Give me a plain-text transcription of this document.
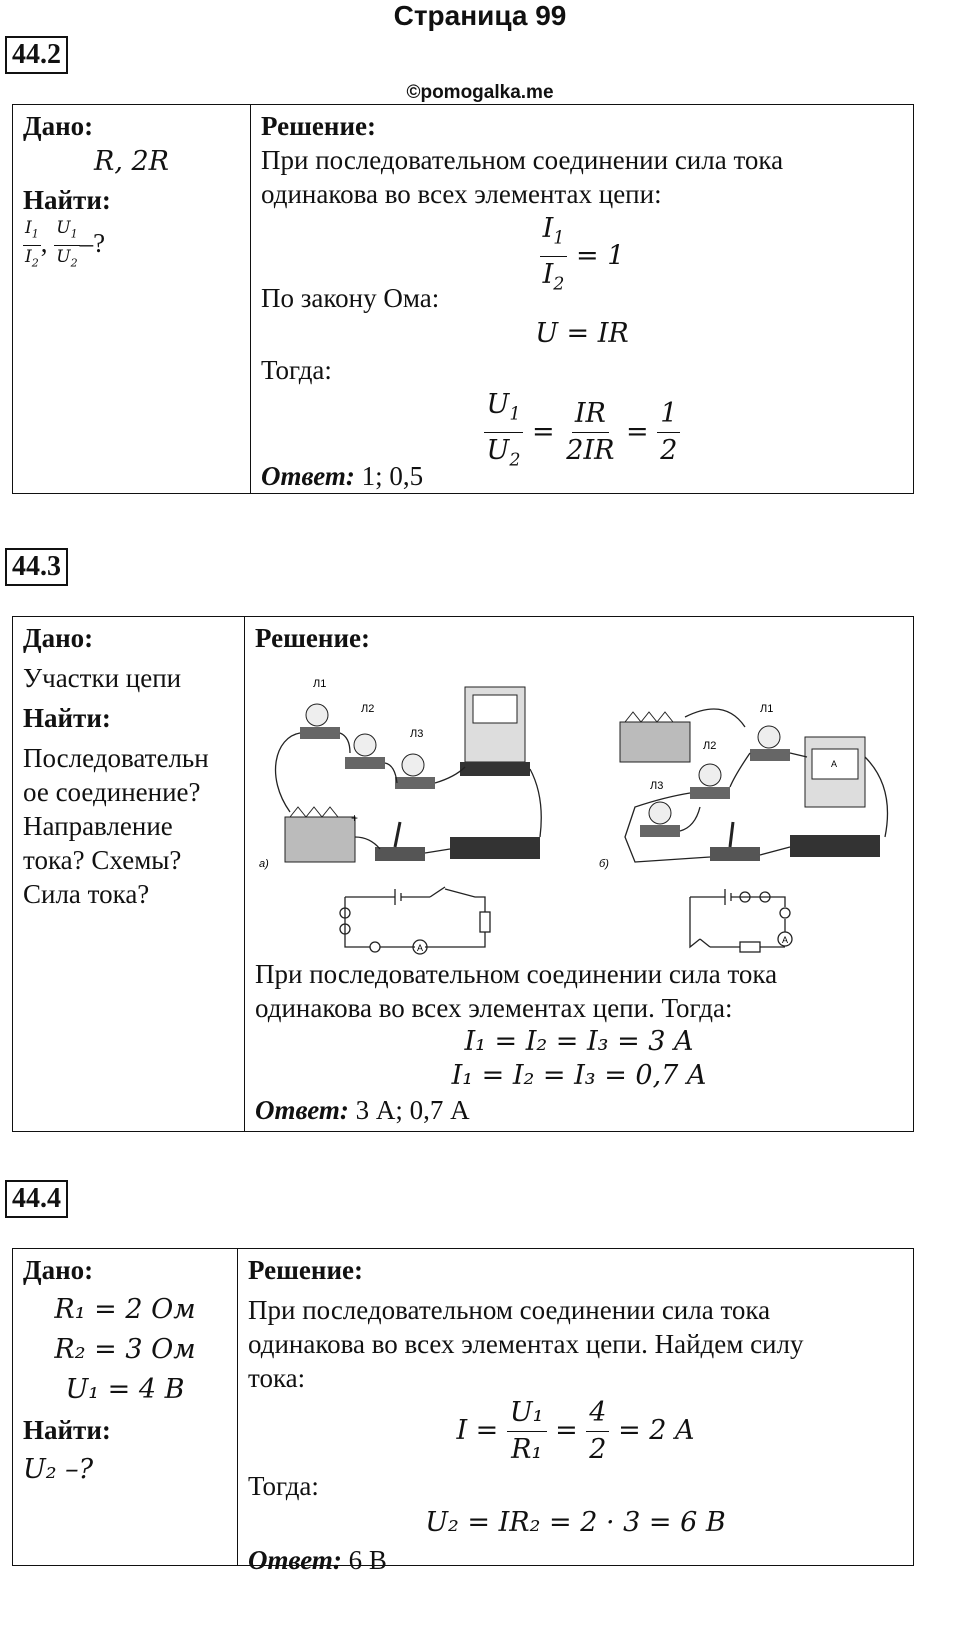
Страница 99
44.2
©pomogalka.me
Дано:
R, 2R
Найти:
$\frac{I_1}{I_2}$ , $\frac{U_1}{U_2}$ –?
Решение:
При последовательном соединении сила тока
одинакова во всех элементах цепи:
$\frac{I_1}{I_2} = 1$
По закону Ома:
U = IR
Тогда:
$\frac{U_1}{U_2} = \frac{IR}{2IR} = \frac{1}{2}$
Ответ: 1; 0,5
44.3
Дано:
Участки цепи
Найти:
Последовательн
ое соединение?
Направление
тока? Схемы?
Сила тока?
Решение:
+
Л1
Л2
Л3
а)
A
Л1
Л2
Л3
A
б)
A
При последовательном соединении сила тока
одинакова во всех элементах цепи. Тогда:
I₁ = I₂ = I₃ = 3 A
I₁ = I₂ = I₃ = 0,7 A
Ответ: 3 А; 0,7 А
44.4
Дано:
R₁ = 2 Ом
R₂ = 3 Ом
U₁ = 4 В
Найти:
U₂ –?
Решение:
При последовательном соединении сила тока
одинакова во всех элементах цепи. Найдем силу
тока:
$I = \frac{\text{U₁}}{\text{R₁}} = \frac{4}{2} = 2$ A
Тогда:
U₂ = IR₂ = 2 · 3 = 6 В
Ответ: 6 В
